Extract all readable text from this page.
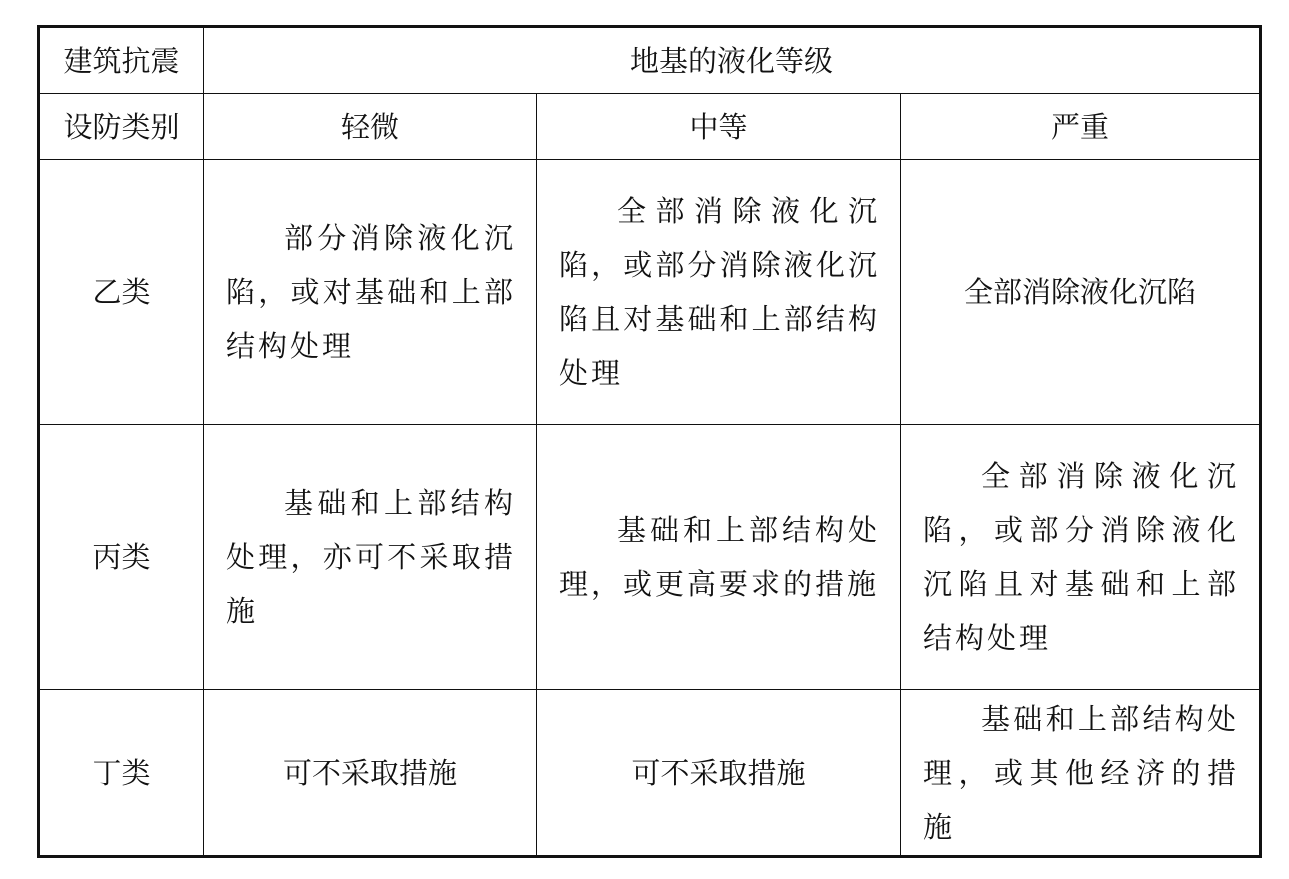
建筑抗震	地基的液化等级		
设防类别	轻微	中等	严重
乙类	部分消除液化沉陷，或对基础和上部结构处理	全部消除液化沉陷，或部分消除液化沉陷且对基础和上部结构处理	全部消除液化沉陷
丙类	基础和上部结构处理，亦可不采取措施	基础和上部结构处理，或更高要求的措施	全部消除液化沉陷，或部分消除液化沉陷且对基础和上部结构处理
丁类	可不采取措施	可不采取措施	基础和上部结构处理，或其他经济的措施
